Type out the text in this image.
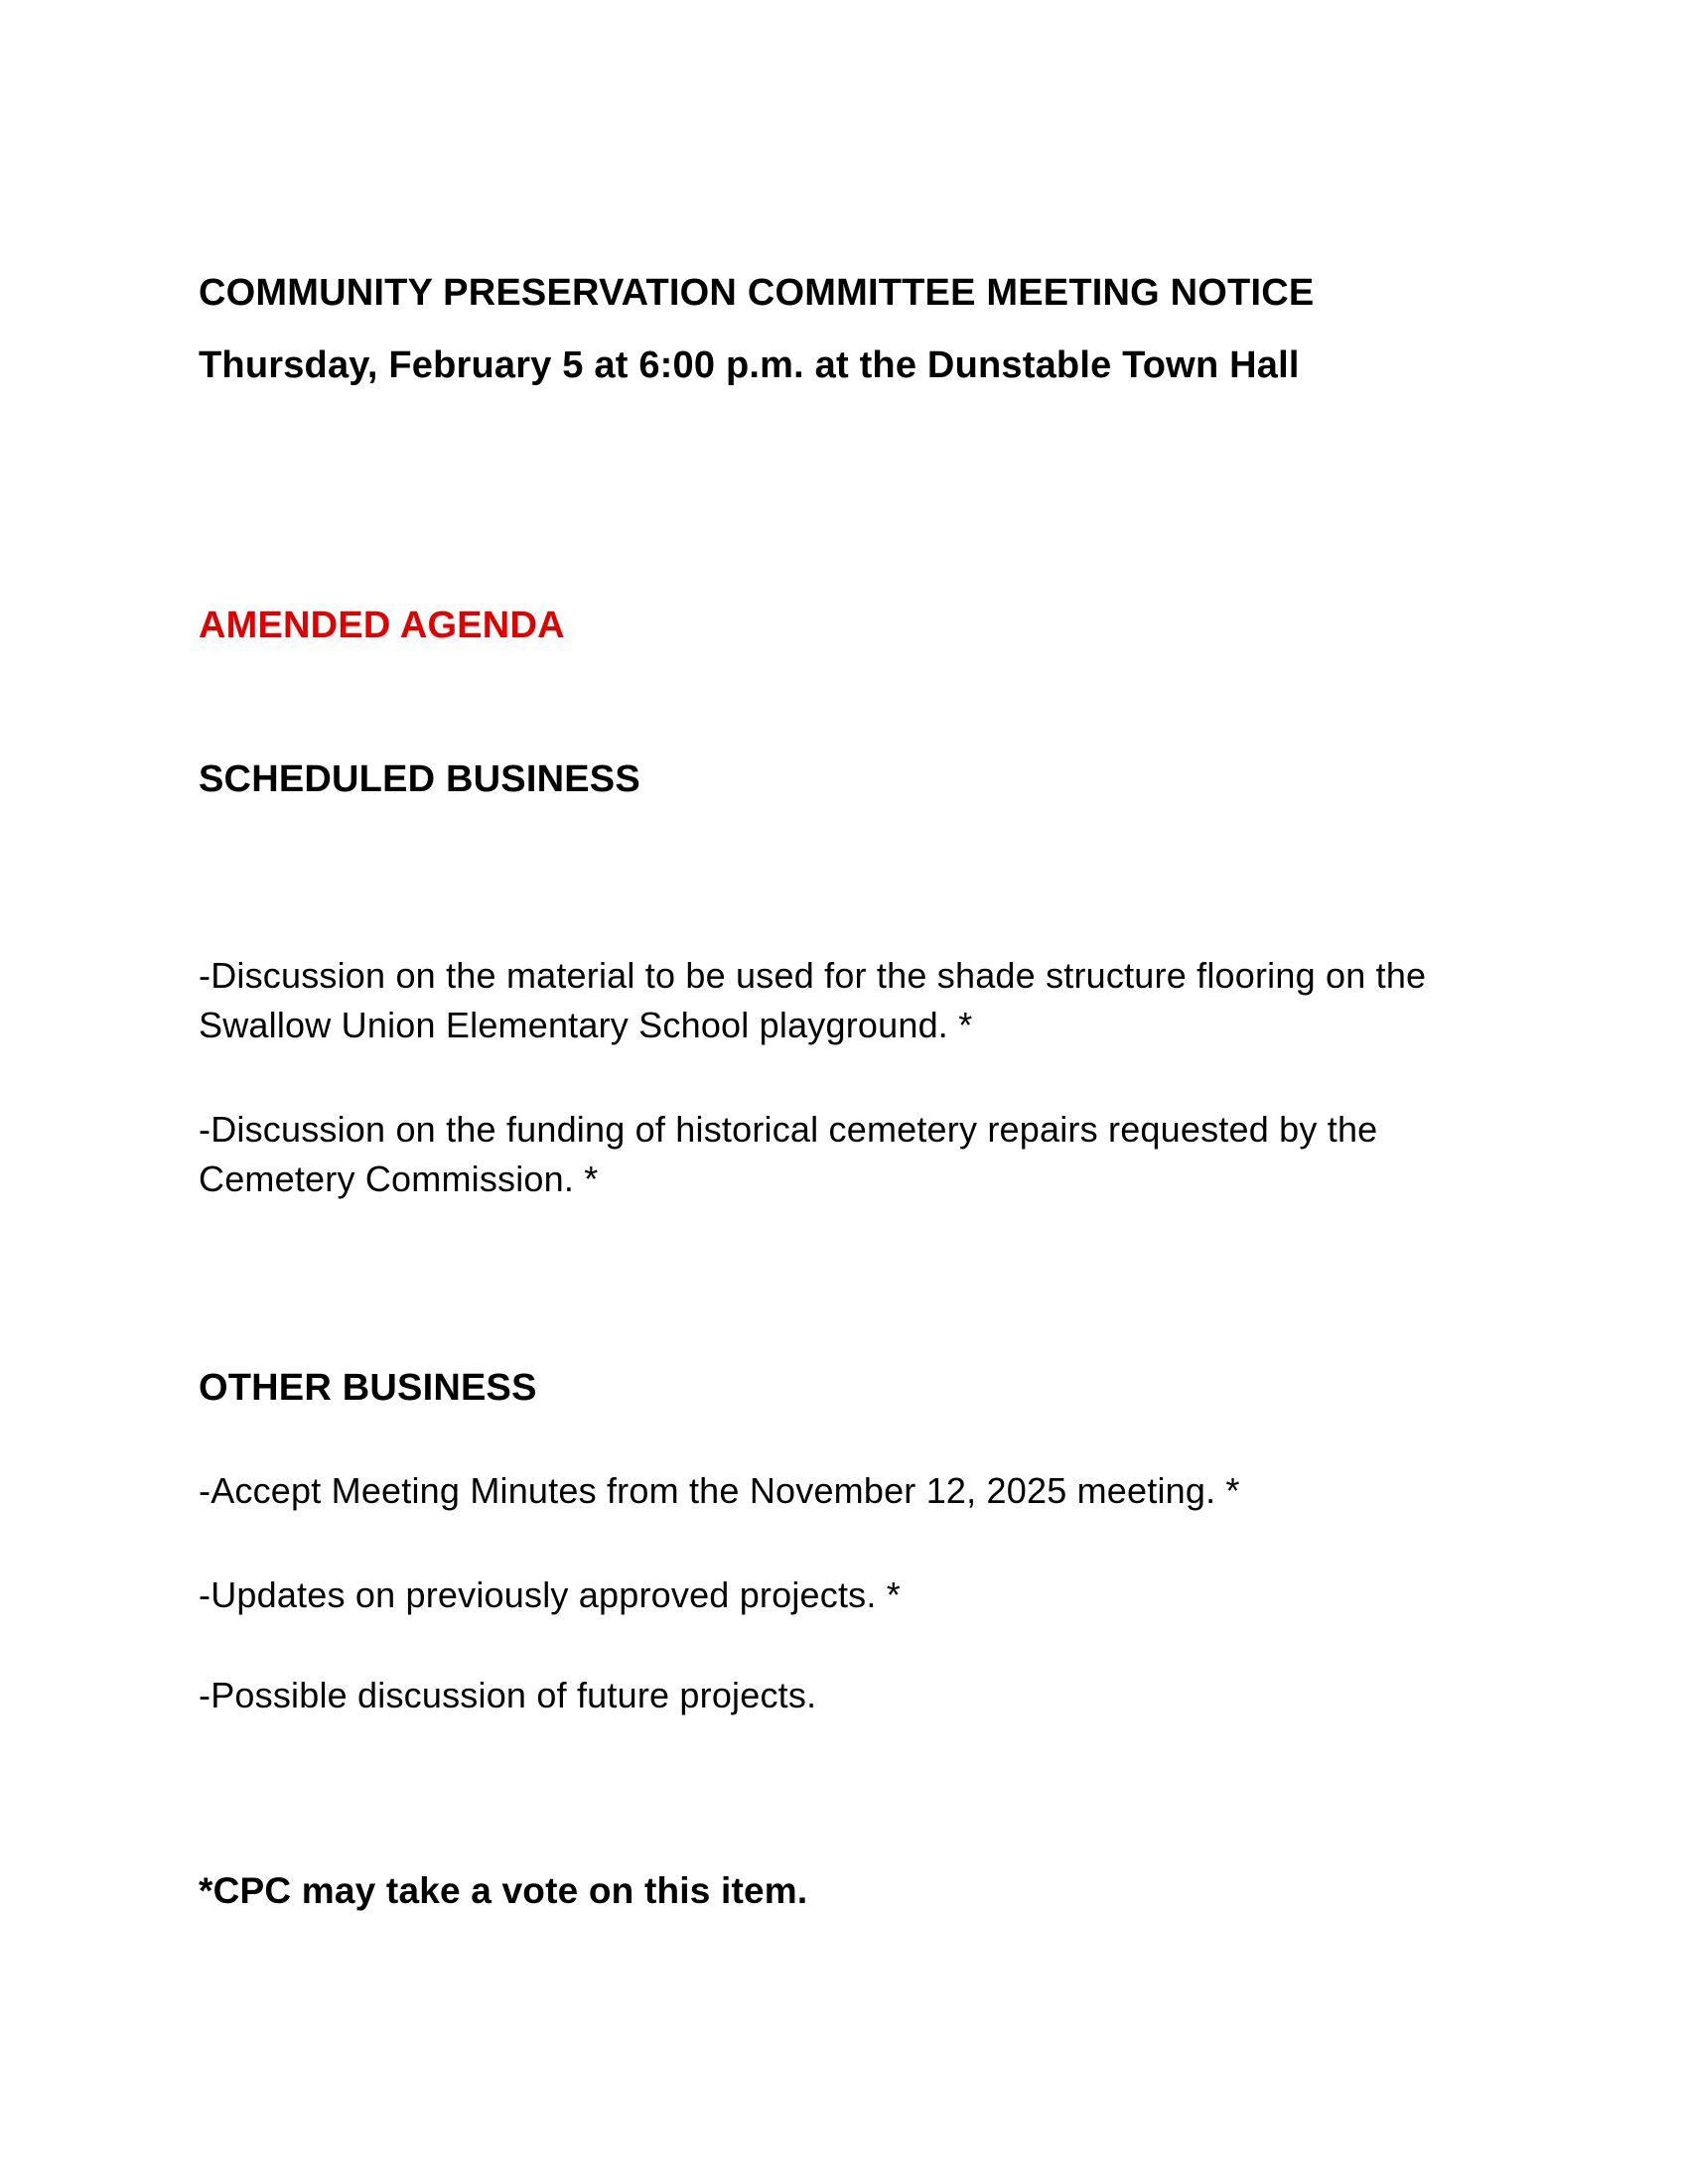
COMMUNITY PRESERVATION COMMITTEE MEETING NOTICE
Thursday, February 5 at 6:00 p.m. at the Dunstable Town Hall
AMENDED AGENDA
SCHEDULED BUSINESS
-Discussion on the material to be used for the shade structure flooring on the
Swallow Union Elementary School playground. *
-Discussion on the funding of historical cemetery repairs requested by the
Cemetery Commission. *
OTHER BUSINESS
-Accept Meeting Minutes from the November 12, 2025 meeting. *
-Updates on previously approved projects. *
-Possible discussion of future projects.
*CPC may take a vote on this item.
